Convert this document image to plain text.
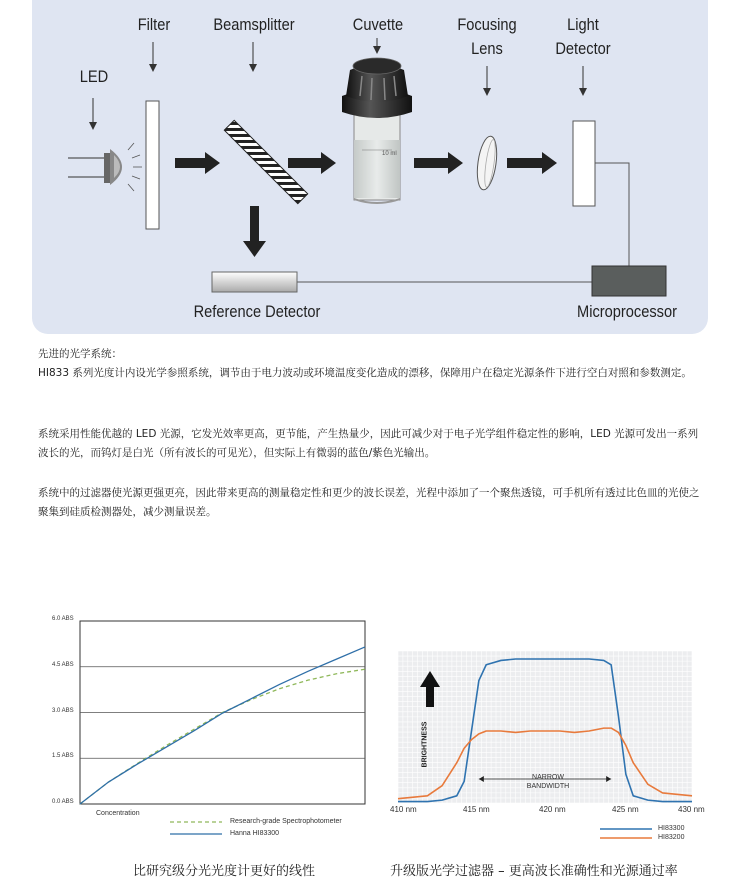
10 ml
LED
Filter	Beamsplitter	Cuvette	Focusing
Lens
Light
Detector
Reference Detector	Microprocessor

先进的光学系统：

HI833 系列光度计内设光学参照系统，调节由于电力波动或环境温度变化造成的漂移，保障用户在稳定光源条件下进行空白对照和参数测定。

系统采用性能优越的 LED 光源，它发光效率更高，更节能，产生热量少，因此可减少对于电子光学组件稳定性的影响，LED 光源可发出一系列波长的光，而钨灯是白光（所有波长的可见光），但实际上有微弱的蓝色/紫色光输出。

系统中的过滤器使光源更强更亮，因此带来更高的测量稳定性和更少的波长误差，光程中添加了一个聚焦透镜，可手机所有透过比色皿的光使之聚集到硅质检测器处，减少测量误差。

6.0 ABS
4.5 ABS
3.0 ABS
1.5 ABS
0.0 ABS
Concentration
Research-grade Spectrophotometer
Hanna HI83300
比研究级分光光度计更好的线性
BRIGHTNESS
NARROW
BANDWIDTH
410 nm	415 nm	420 nm	425 nm	430 nm
HI83300
HI83200
升级版光学过滤器 – 更高波长准确性和光源通过率
